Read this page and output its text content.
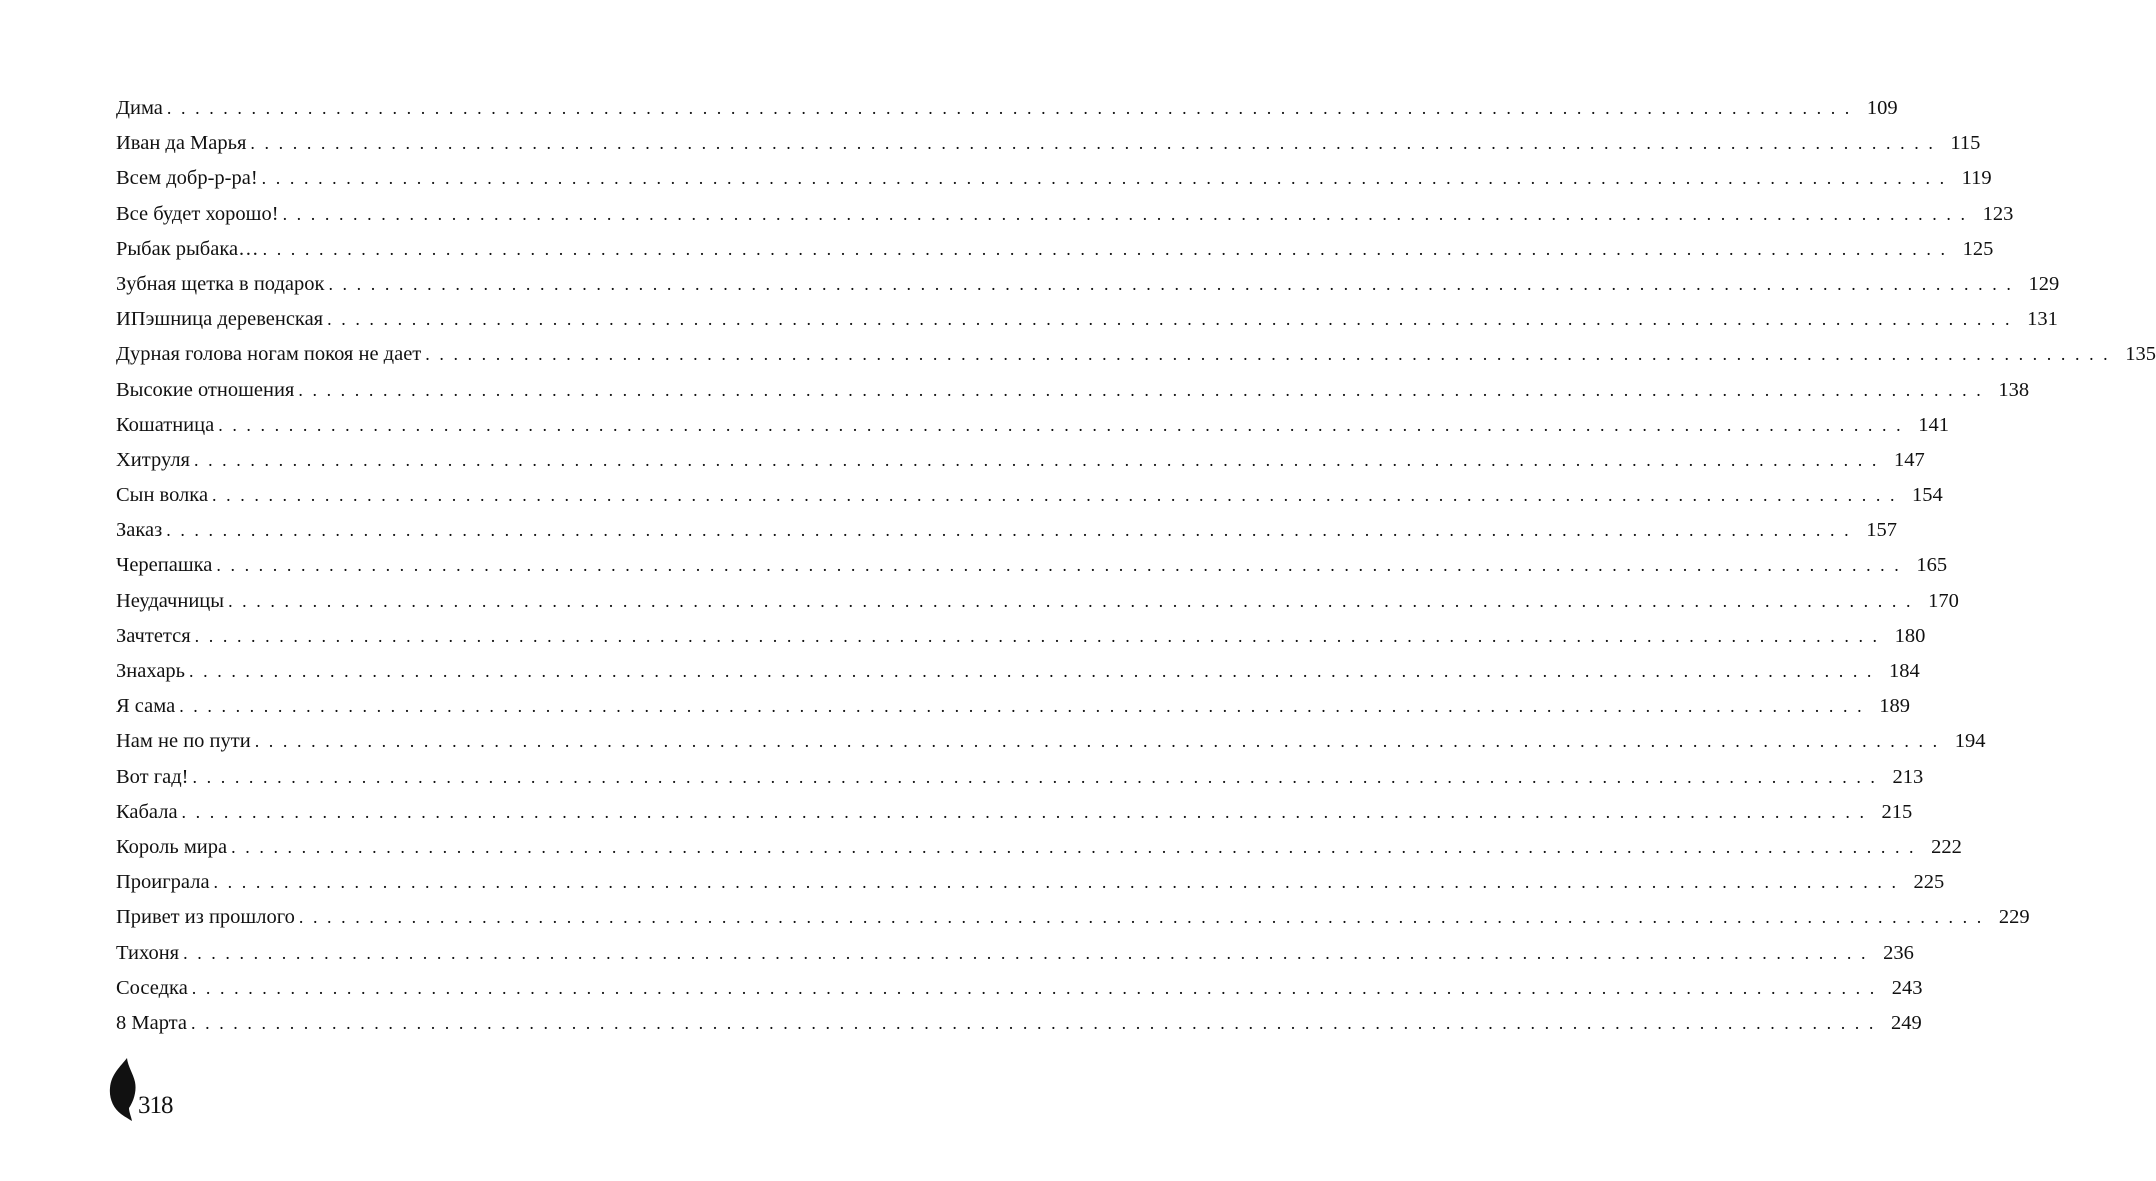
Дима ........................................................................................................................ 109
Иван да Марья ........................................................................................................................ 115
Всем добр-р-ра! ........................................................................................................................ 119
Все будет хорошо! ........................................................................................................................ 123
Рыбак рыбака… ........................................................................................................................ 125
Зубная щетка в подарок ........................................................................................................................ 129
ИПэшница деревенская ........................................................................................................................ 131
Дурная голова ногам покоя не дает ........................................................................................................................ 135
Высокие отношения ........................................................................................................................ 138
Кошатница ........................................................................................................................ 141
Хитруля ........................................................................................................................ 147
Сын волка ........................................................................................................................ 154
Заказ ........................................................................................................................ 157
Черепашка ........................................................................................................................ 165
Неудачницы ........................................................................................................................ 170
Зачтется ........................................................................................................................ 180
Знахарь ........................................................................................................................ 184
Я сама ........................................................................................................................ 189
Нам не по пути ........................................................................................................................ 194
Вот гад! ........................................................................................................................ 213
Кабала ........................................................................................................................ 215
Король мира ........................................................................................................................ 222
Проиграла ........................................................................................................................ 225
Привет из прошлого ........................................................................................................................ 229
Тихоня ........................................................................................................................ 236
Соседка ........................................................................................................................ 243
8 Марта ........................................................................................................................ 249
318
